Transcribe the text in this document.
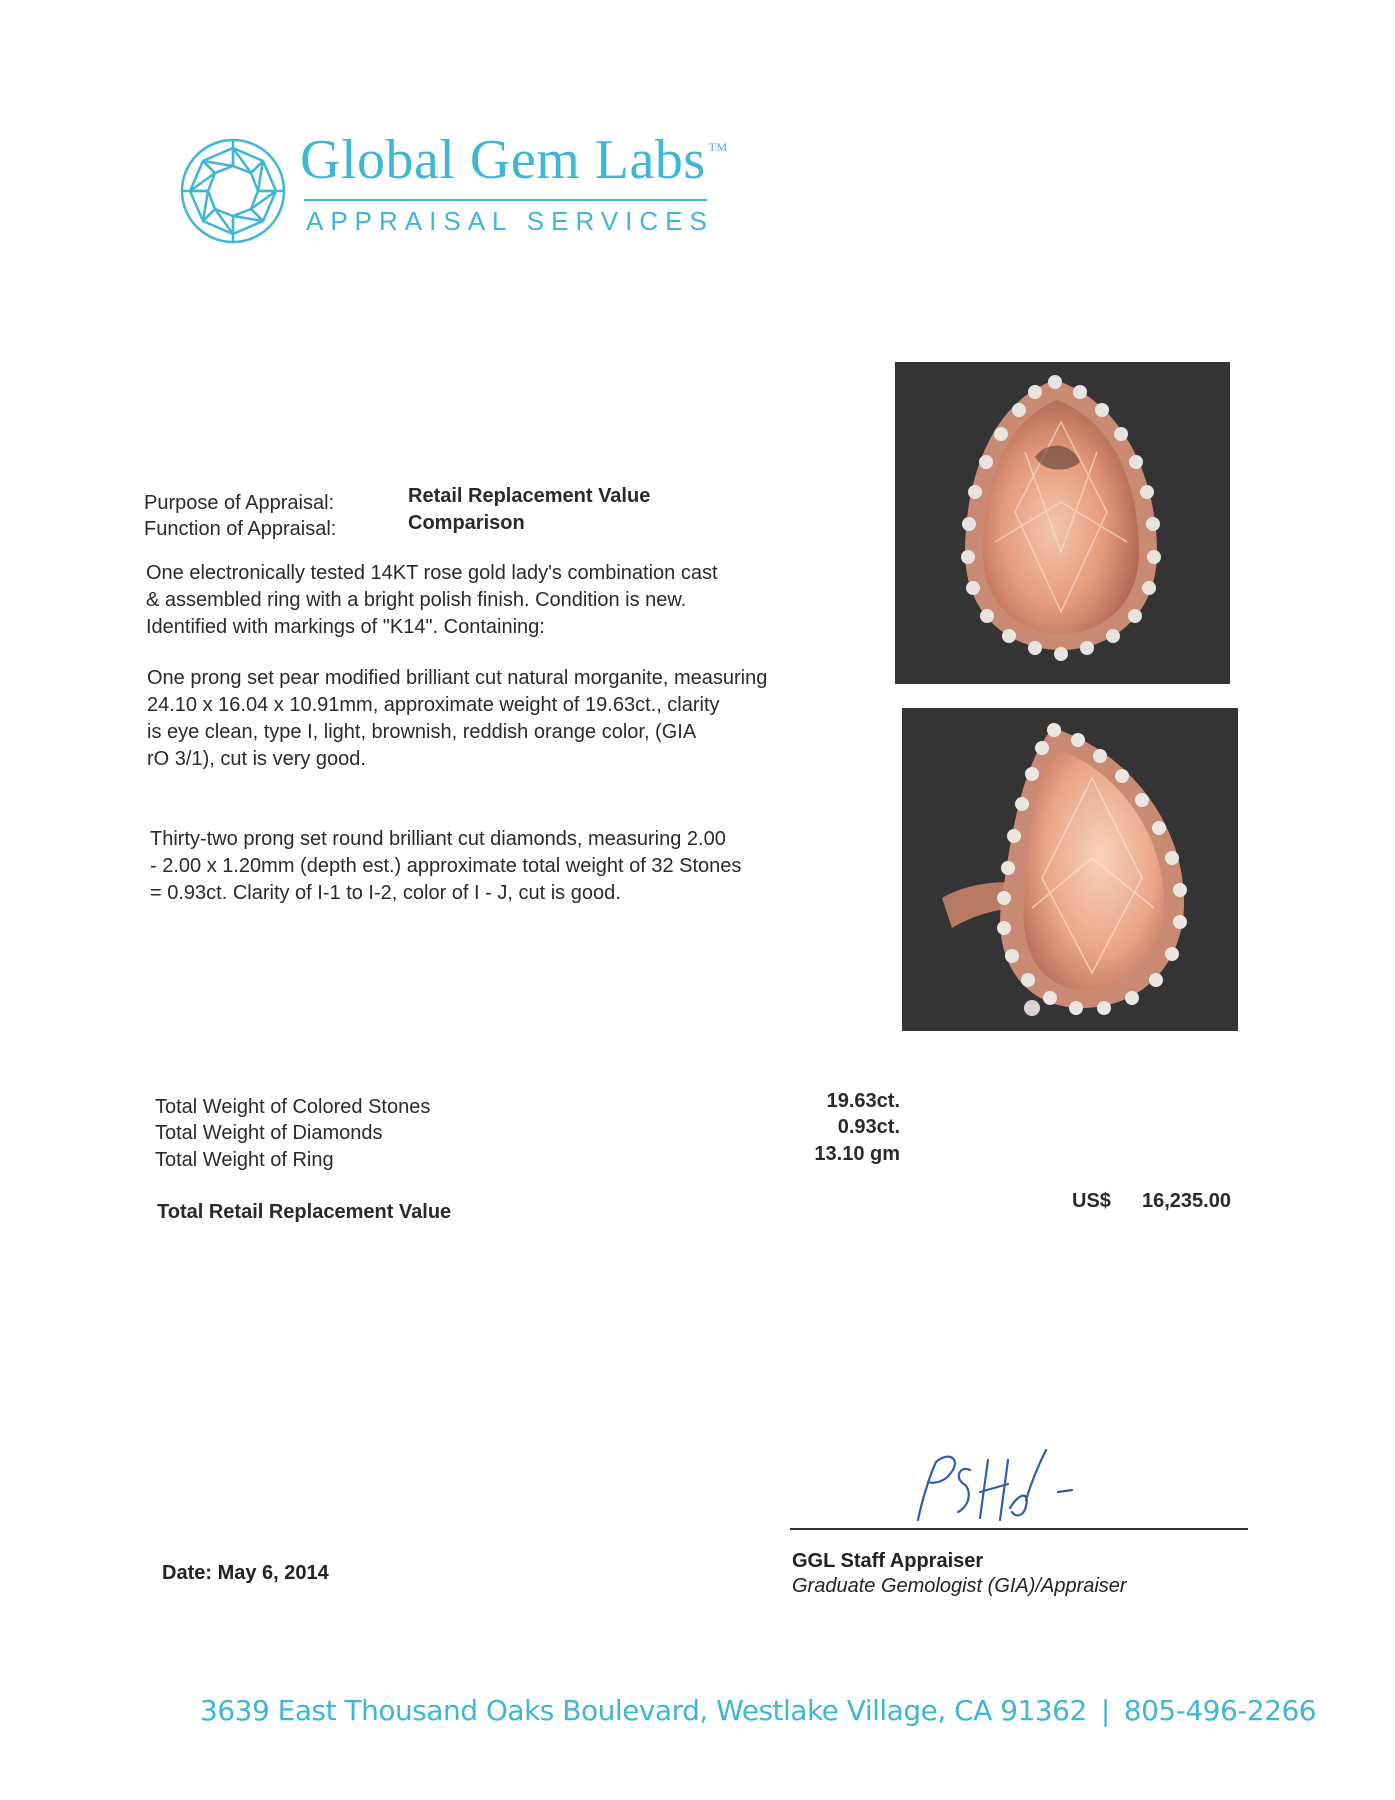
Global Gem Labs ™
APPRAISAL SERVICES
Purpose of Appraisal:	Retail Replacement Value
Function of Appraisal:	Comparison
One electronically tested 14KT rose gold lady's combination cast
& assembled ring with a bright polish finish. Condition is new.
Identified with markings of "K14". Containing:
One prong set pear modified brilliant cut natural morganite, measuring
24.10 x 16.04 x 10.91mm, approximate weight of 19.63ct., clarity
is eye clean, type I, light, brownish, reddish orange color, (GIA
rO 3/1), cut is very good.
Thirty-two prong set round brilliant cut diamonds, measuring 2.00
- 2.00 x 1.20mm (depth est.) approximate total weight of 32 Stones
= 0.93ct. Clarity of I-1 to I-2, color of I - J, cut is good.
Total Weight of Colored Stones	19.63ct.
Total Weight of Diamonds	0.93ct.
Total Weight of Ring	13.10 gm
Total Retail Replacement Value	US$ 16,235.00
GGL Staff Appraiser
Graduate Gemologist (GIA)/Appraiser
Date: May 6, 2014
3639 East Thousand Oaks Boulevard, Westlake Village, CA 91362 | 805-496-2266
